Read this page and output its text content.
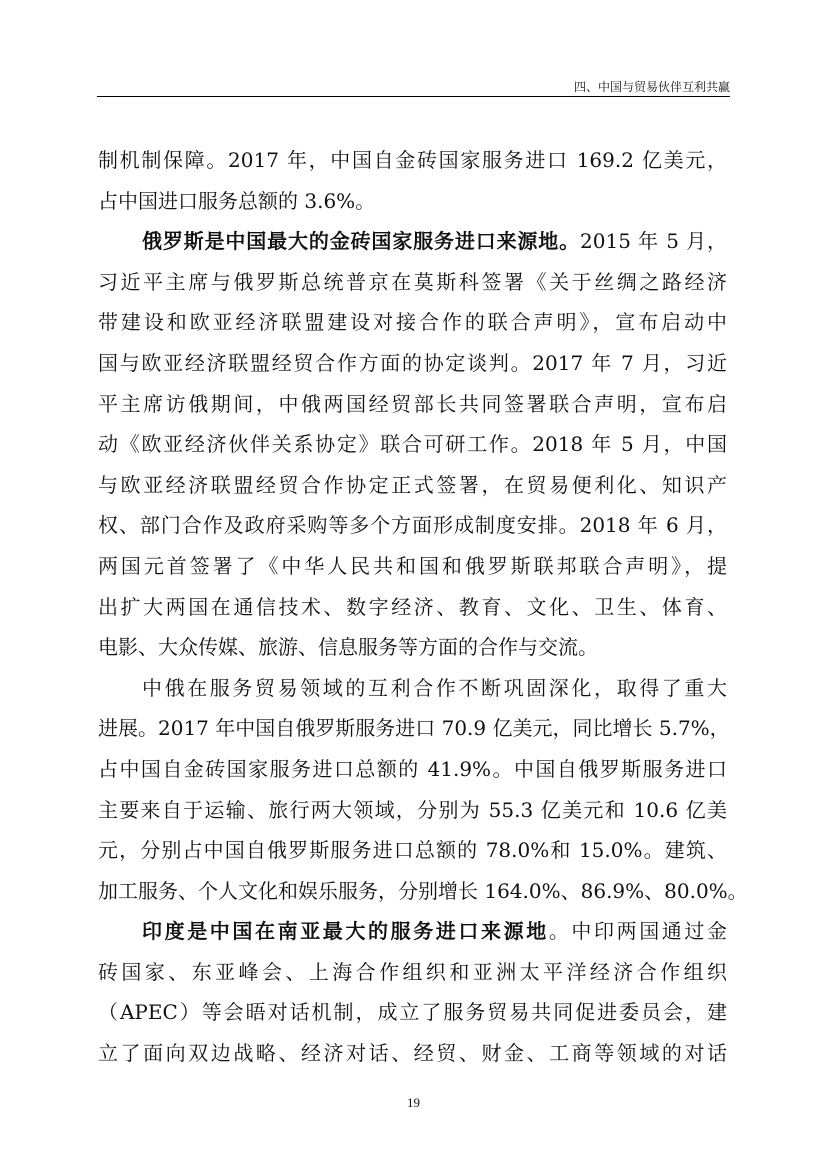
四、中国与贸易伙伴互利共赢
制机制保障。2017 年，中国自金砖国家服务进口 169.2 亿美元，
占中国进口服务总额的 3.6%。
俄罗斯是中国最大的金砖国家服务进口来源地。2015 年 5 月，
习近平主席与俄罗斯总统普京在莫斯科签署《关于丝绸之路经济
带建设和欧亚经济联盟建设对接合作的联合声明》，宣布启动中
国与欧亚经济联盟经贸合作方面的协定谈判。2017 年 7 月，习近
平主席访俄期间，中俄两国经贸部长共同签署联合声明，宣布启
动《欧亚经济伙伴关系协定》联合可研工作。2018 年 5 月，中国
与欧亚经济联盟经贸合作协定正式签署，在贸易便利化、知识产
权、部门合作及政府采购等多个方面形成制度安排。2018 年 6 月，
两国元首签署了《中华人民共和国和俄罗斯联邦联合声明》，提
出扩大两国在通信技术、数字经济、教育、文化、卫生、体育、
电影、大众传媒、旅游、信息服务等方面的合作与交流。
中俄在服务贸易领域的互利合作不断巩固深化，取得了重大
进展。2017 年中国自俄罗斯服务进口 70.9 亿美元，同比增长 5.7%，
占中国自金砖国家服务进口总额的 41.9%。中国自俄罗斯服务进口
主要来自于运输、旅行两大领域，分别为 55.3 亿美元和 10.6 亿美
元，分别占中国自俄罗斯服务进口总额的 78.0%和 15.0%。建筑、
加工服务、个人文化和娱乐服务，分别增长 164.0%、86.9%、80.0%。
印度是中国在南亚最大的服务进口来源地。中印两国通过金
砖国家、东亚峰会、上海合作组织和亚洲太平洋经济合作组织
（APEC）等会晤对话机制，成立了服务贸易共同促进委员会，建
立了面向双边战略、经济对话、经贸、财金、工商等领域的对话
19
